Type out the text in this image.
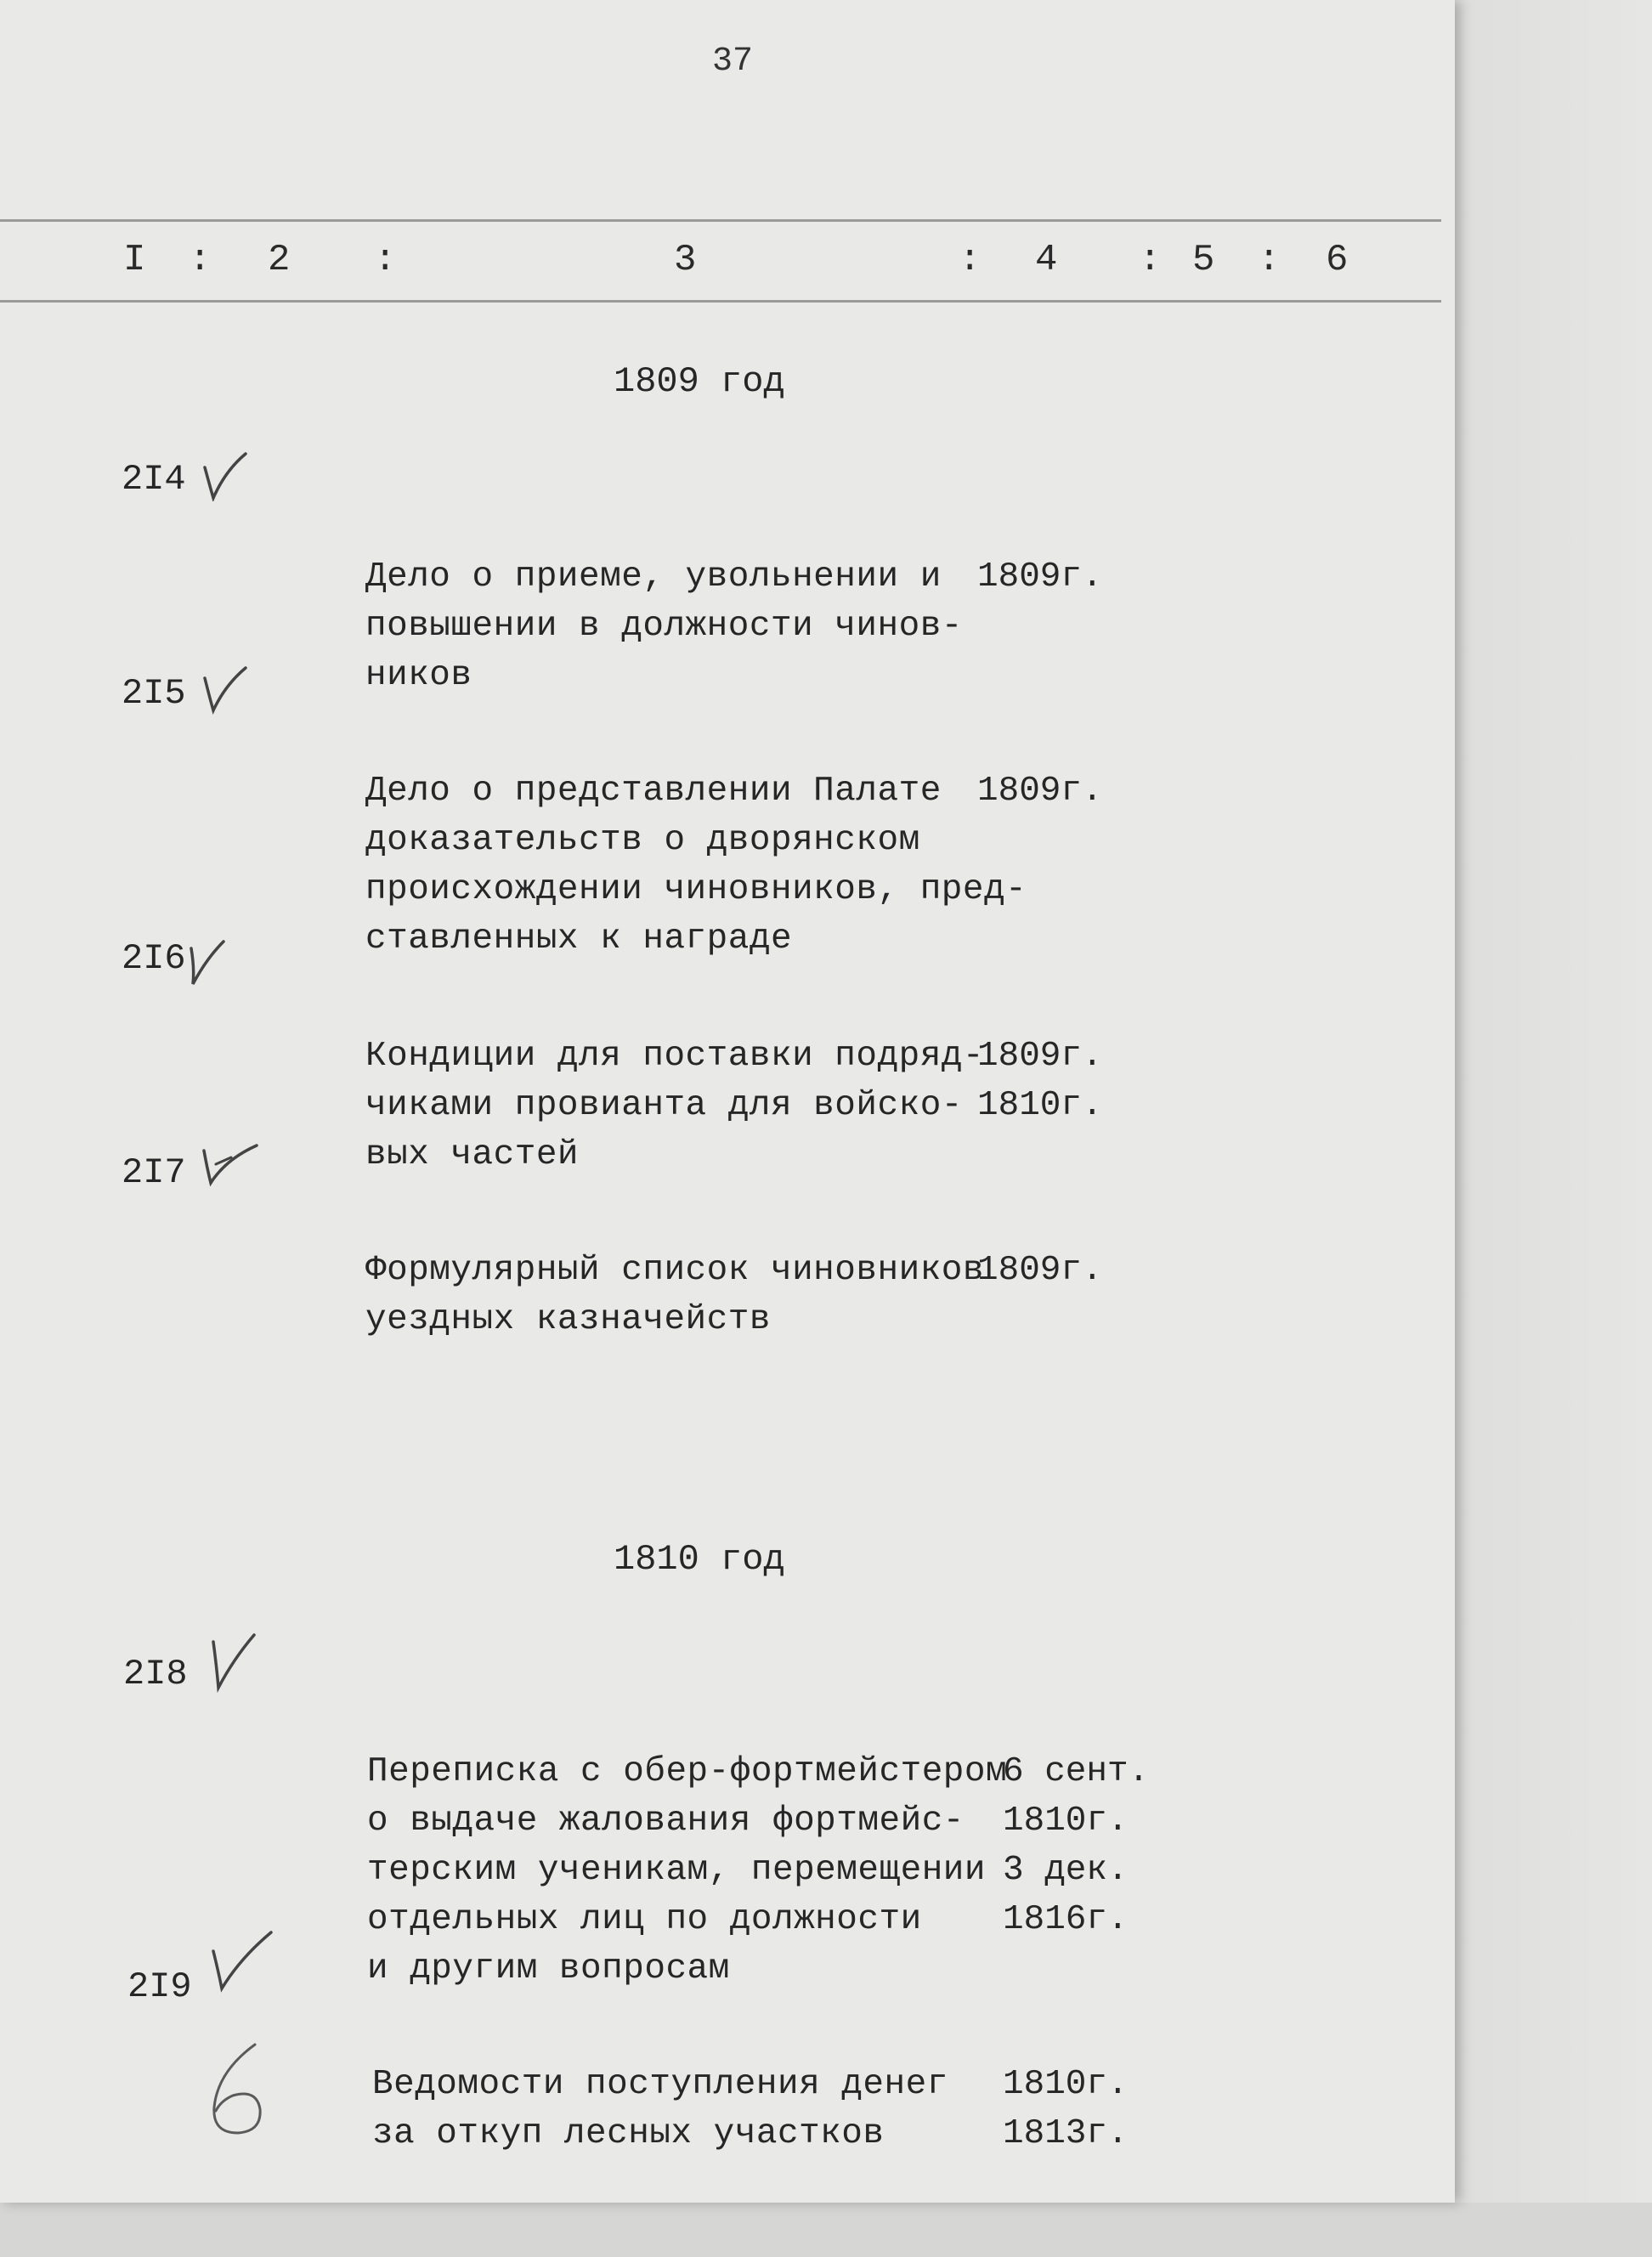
37
I : 2 :	3	: 4 : 5 : 6
1809 год
2I4

Дело о приеме, увольнении и
повышении в должности чинов-
ников

1809г.

2I5

Дело о представлении Палате
доказательств о дворянском
происхождении чиновников, пред-
ставленных к награде

1809г.

2I6

Кондиции для поставки подряд-
чиками провианта для войско-
вых частей

1809г.
1810г.

2I7

Формулярный список чиновников
уездных казначейств

1809г.

1810 год
2I8

Переписка с обер-фортмейстером
о выдаче жалования фортмейс-
терским ученикам, перемещении
отдельных лиц по должности
и другим вопросам

6 сент.
1810г.
3 дек.
1816г.

2I9

Ведомости поступления денег
за откуп лесных участков

1810г.
1813г.
